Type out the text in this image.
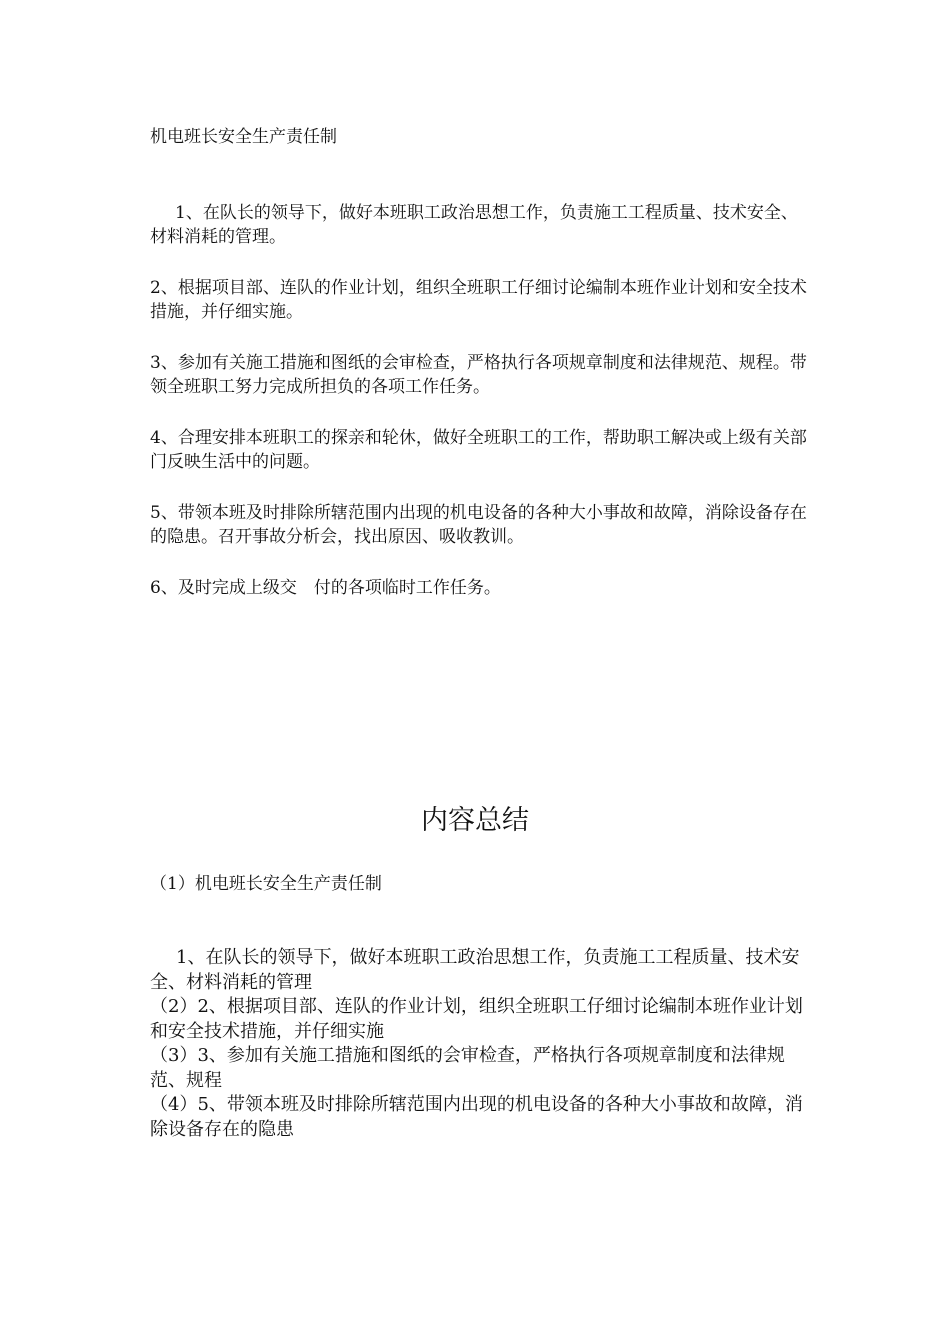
机电班长安全生产责任制

1、在队长的领导下，做好本班职工政治思想工作，负责施工工程质量、技术安全、材料消耗的管理。

2、根据项目部、连队的作业计划，组织全班职工仔细讨论编制本班作业计划和安全技术措施，并仔细实施。

3、参加有关施工措施和图纸的会审检查，严格执行各项规章制度和法律规范、规程。带领全班职工努力完成所担负的各项工作任务。

4、合理安排本班职工的探亲和轮休，做好全班职工的工作，帮助职工解决或上级有关部门反映生活中的问题。

5、带领本班及时排除所辖范围内出现的机电设备的各种大小事故和故障，消除设备存在的隐患。召开事故分析会，找出原因、吸收教训。

6、及时完成上级交　付的各项临时工作任务。

内容总结
（1）机电班长安全生产责任制

1、在队长的领导下，做好本班职工政治思想工作，负责施工工程质量、技术安全、材料消耗的管理

（2）2、根据项目部、连队的作业计划，组织全班职工仔细讨论编制本班作业计划和安全技术措施，并仔细实施

（3）3、参加有关施工措施和图纸的会审检查，严格执行各项规章制度和法律规范、规程

（4）5、带领本班及时排除所辖范围内出现的机电设备的各种大小事故和故障，消除设备存在的隐患
